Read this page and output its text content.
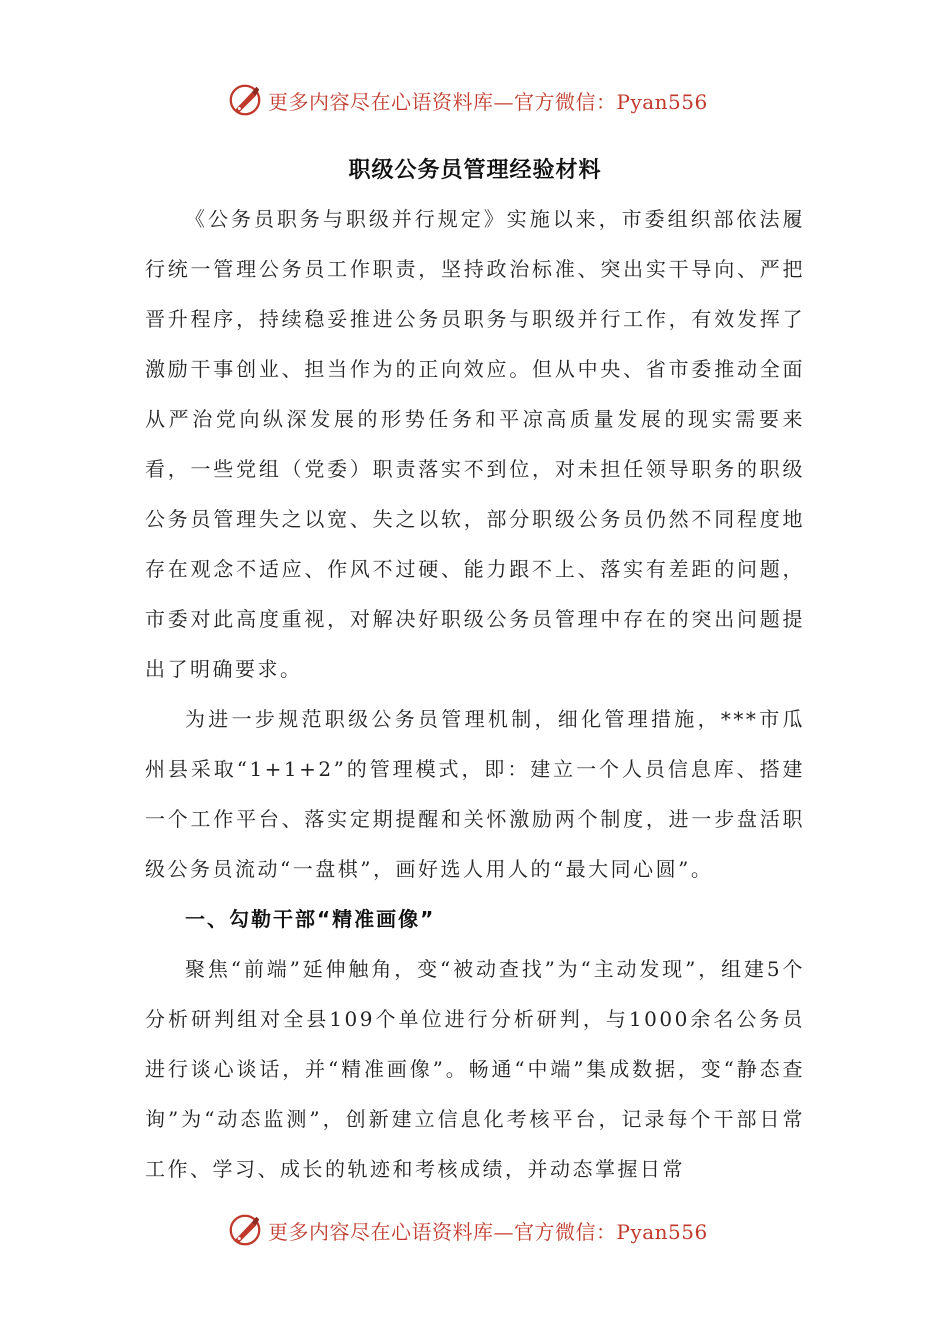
更多内容尽在心语资料库—官方微信：Pyan556
职级公务员管理经验材料

《公务员职务与职级并行规定》实施以来，市委组织部依法履行统一管理公务员工作职责，坚持政治标准、突出实干导向、严把晋升程序，持续稳妥推进公务员职务与职级并行工作，有效发挥了激励干事创业、担当作为的正向效应。但从中央、省市委推动全面从严治党向纵深发展的形势任务和平凉高质量发展的现实需要来看，一些党组（党委）职责落实不到位，对未担任领导职务的职级公务员管理失之以宽、失之以软，部分职级公务员仍然不同程度地存在观念不适应、作风不过硬、能力跟不上、落实有差距的问题，市委对此高度重视，对解决好职级公务员管理中存在的突出问题提出了明确要求。

为进一步规范职级公务员管理机制，细化管理措施，***市瓜州县采取“1+1+2”的管理模式，即：建立一个人员信息库、搭建一个工作平台、落实定期提醒和关怀激励两个制度，进一步盘活职级公务员流动“一盘棋”，画好选人用人的“最大同心圆”。

一、勾勒干部“精准画像”

聚焦“前端”延伸触角，变“被动查找”为“主动发现”，组建5个分析研判组对全县109个单位进行分析研判，与1000余名公务员进行谈心谈话，并“精准画像”。畅通“中端”集成数据，变“静态查询”为“动态监测”，创新建立信息化考核平台，记录每个干部日常工作、学习、成长的轨迹和考核成绩，并动态掌握日常

更多内容尽在心语资料库—官方微信：Pyan556
